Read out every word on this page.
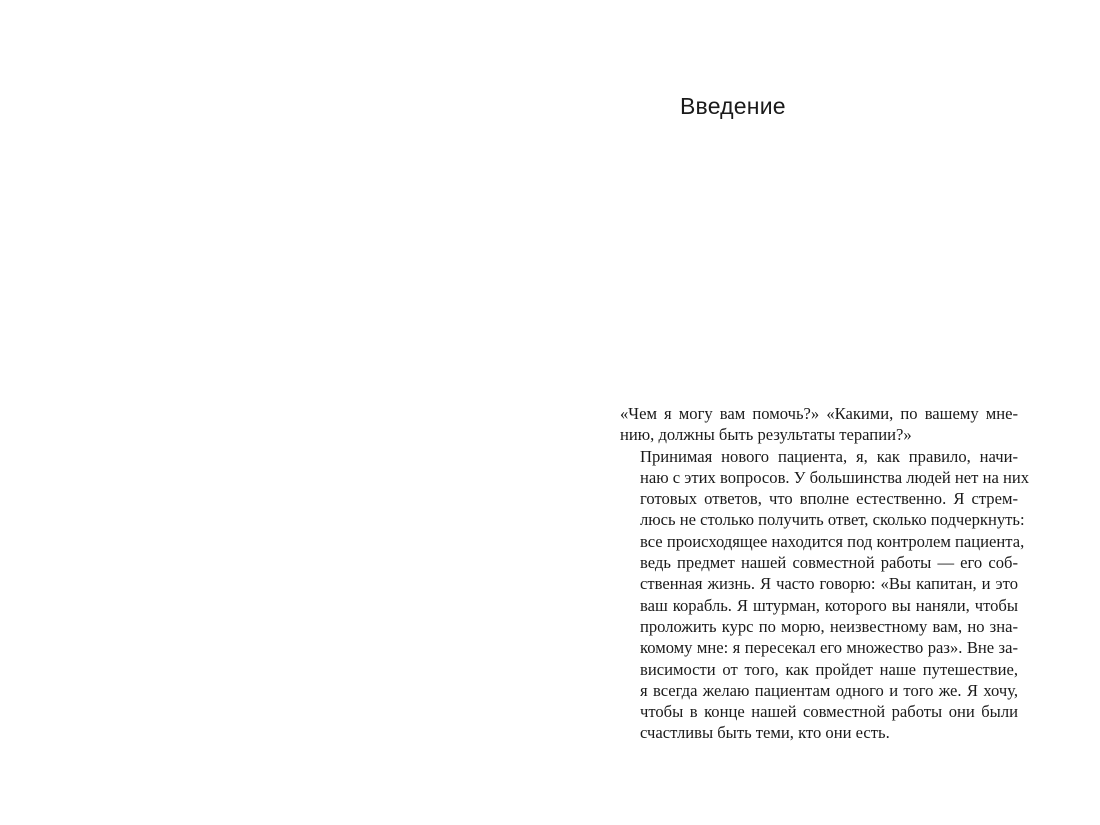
Введение

«Чем я могу вам помочь?» «Какими, по вашему мне-
нию, должны быть результаты терапии?»

Принимая нового пациента, я, как правило, начи-
наю с этих вопросов. У большинства людей нет на них
готовых ответов, что вполне естественно. Я стрем-
люсь не столько получить ответ, сколько подчеркнуть:
все происходящее находится под контролем пациента,
ведь предмет нашей совместной работы — его соб-
ственная жизнь. Я часто говорю: «Вы капитан, и это
ваш корабль. Я штурман, которого вы наняли, чтобы
проложить курс по морю, неизвестному вам, но зна-
комому мне: я пересекал его множество раз». Вне за-
висимости от того, как пройдет наше путешествие,
я всегда желаю пациентам одного и того же. Я хочу,
чтобы в конце нашей совместной работы они были
счастливы быть теми, кто они есть.
